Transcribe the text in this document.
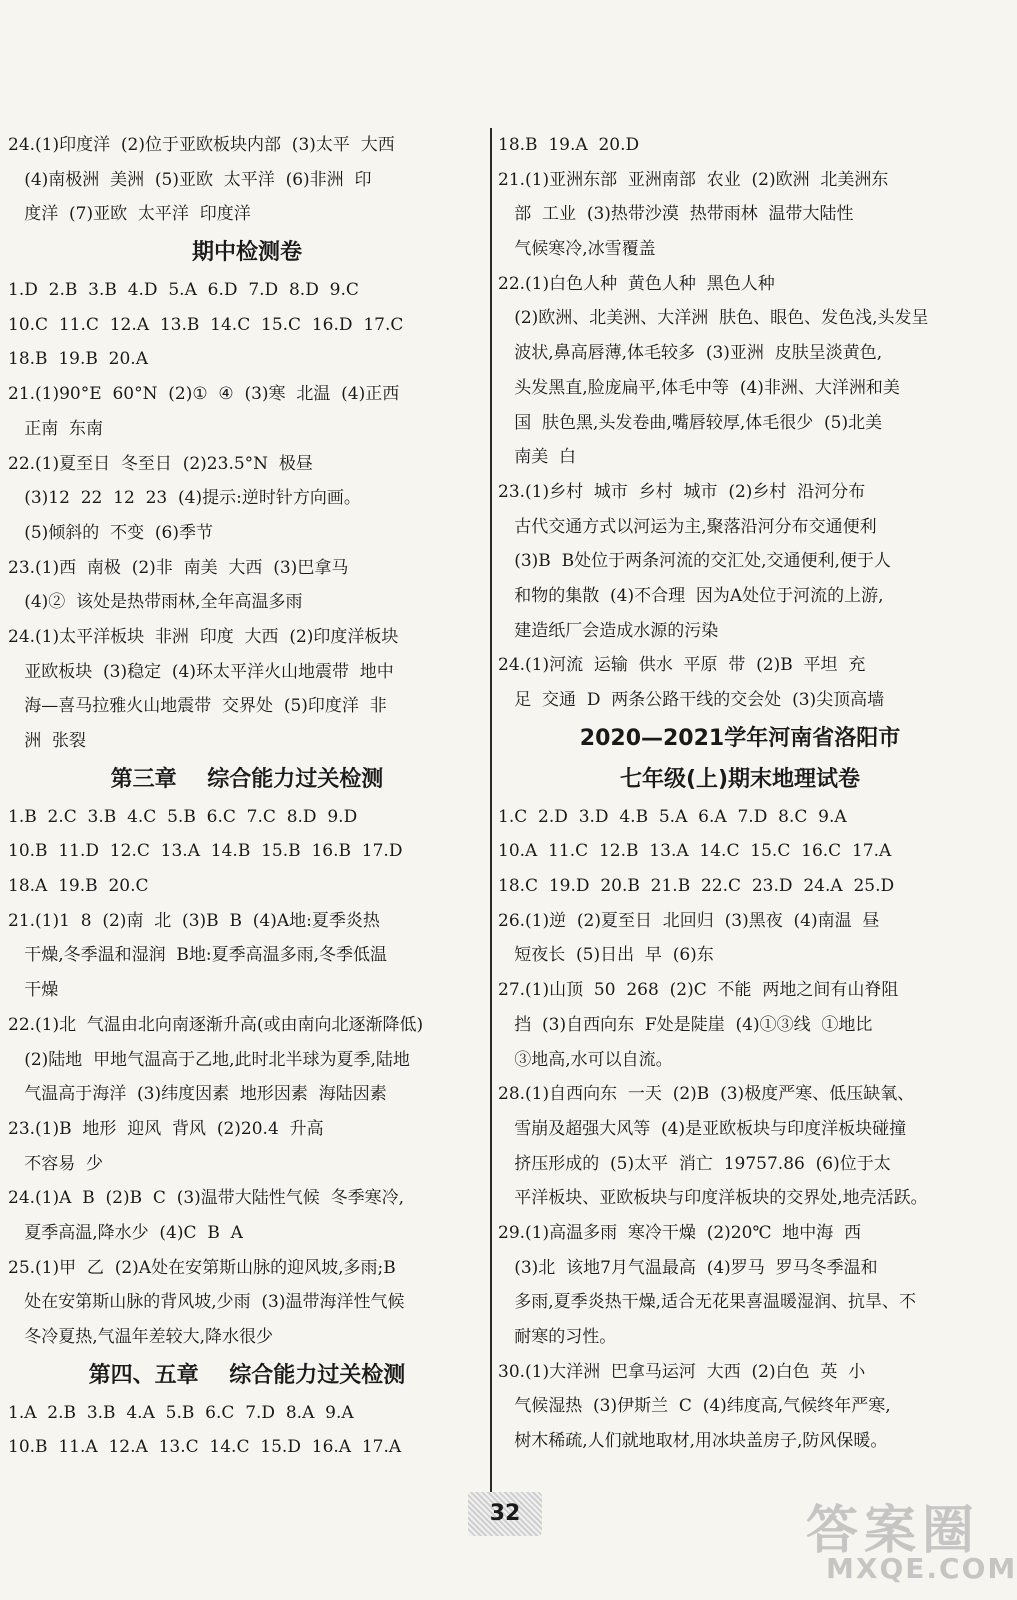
24.(1)印度洋  (2)位于亚欧板块内部  (3)太平  大西
(4)南极洲  美洲  (5)亚欧  太平洋  (6)非洲  印
度洋  (7)亚欧  太平洋  印度洋
期中检测卷
1.D  2.B  3.B  4.D  5.A  6.D  7.D  8.D  9.C
10.C  11.C  12.A  13.B  14.C  15.C  16.D  17.C
18.B  19.B  20.A
21.(1)90°E  60°N  (2)①  ④  (3)寒  北温  (4)正西
正南  东南
22.(1)夏至日  冬至日  (2)23.5°N  极昼
(3)12  22  12  23  (4)提示:逆时针方向画。
(5)倾斜的  不变  (6)季节
23.(1)西  南极  (2)非  南美  大西  (3)巴拿马
(4)②  该处是热带雨林,全年高温多雨
24.(1)太平洋板块  非洲  印度  大西  (2)印度洋板块
亚欧板块  (3)稳定  (4)环太平洋火山地震带  地中
海—喜马拉雅火山地震带  交界处  (5)印度洋  非
洲  张裂
第三章    综合能力过关检测
1.B  2.C  3.B  4.C  5.B  6.C  7.C  8.D  9.D
10.B  11.D  12.C  13.A  14.B  15.B  16.B  17.D
18.A  19.B  20.C
21.(1)1  8  (2)南  北  (3)B  B  (4)A地:夏季炎热
干燥,冬季温和湿润  B地:夏季高温多雨,冬季低温
干燥
22.(1)北  气温由北向南逐渐升高(或由南向北逐渐降低)
(2)陆地  甲地气温高于乙地,此时北半球为夏季,陆地
气温高于海洋  (3)纬度因素  地形因素  海陆因素
23.(1)B  地形  迎风  背风  (2)20.4  升高
不容易  少
24.(1)A  B  (2)B  C  (3)温带大陆性气候  冬季寒冷,
夏季高温,降水少  (4)C  B  A
25.(1)甲  乙  (2)A处在安第斯山脉的迎风坡,多雨;B
处在安第斯山脉的背风坡,少雨  (3)温带海洋性气候
冬冷夏热,气温年差较大,降水很少
第四、五章    综合能力过关检测
1.A  2.B  3.B  4.A  5.B  6.C  7.D  8.A  9.A
10.B  11.A  12.A  13.C  14.C  15.D  16.A  17.A
18.B  19.A  20.D
21.(1)亚洲东部  亚洲南部  农业  (2)欧洲  北美洲东
部  工业  (3)热带沙漠  热带雨林  温带大陆性
气候寒冷,冰雪覆盖
22.(1)白色人种  黄色人种  黑色人种
(2)欧洲、北美洲、大洋洲  肤色、眼色、发色浅,头发呈
波状,鼻高唇薄,体毛较多  (3)亚洲  皮肤呈淡黄色,
头发黑直,脸庞扁平,体毛中等  (4)非洲、大洋洲和美
国  肤色黑,头发卷曲,嘴唇较厚,体毛很少  (5)北美
南美  白
23.(1)乡村  城市  乡村  城市  (2)乡村  沿河分布
古代交通方式以河运为主,聚落沿河分布交通便利
(3)B  B处位于两条河流的交汇处,交通便利,便于人
和物的集散  (4)不合理  因为A处位于河流的上游,
建造纸厂会造成水源的污染
24.(1)河流  运输  供水  平原  带  (2)B  平坦  充
足  交通  D  两条公路干线的交会处  (3)尖顶高墙
2020—2021学年河南省洛阳市
七年级(上)期末地理试卷
1.C  2.D  3.D  4.B  5.A  6.A  7.D  8.C  9.A
10.A  11.C  12.B  13.A  14.C  15.C  16.C  17.A
18.C  19.D  20.B  21.B  22.C  23.D  24.A  25.D
26.(1)逆  (2)夏至日  北回归  (3)黑夜  (4)南温  昼
短夜长  (5)日出  早  (6)东
27.(1)山顶  50  268  (2)C  不能  两地之间有山脊阻
挡  (3)自西向东  F处是陡崖  (4)①③线  ①地比
③地高,水可以自流。
28.(1)自西向东  一天  (2)B  (3)极度严寒、低压缺氧、
雪崩及超强大风等  (4)是亚欧板块与印度洋板块碰撞
挤压形成的  (5)太平  消亡  19757.86  (6)位于太
平洋板块、亚欧板块与印度洋板块的交界处,地壳活跃。
29.(1)高温多雨  寒冷干燥  (2)20℃  地中海  西
(3)北  该地7月气温最高  (4)罗马  罗马冬季温和
多雨,夏季炎热干燥,适合无花果喜温暖湿润、抗旱、不
耐寒的习性。
30.(1)大洋洲  巴拿马运河  大西  (2)白色  英  小
气候湿热  (3)伊斯兰  C  (4)纬度高,气候终年严寒,
树木稀疏,人们就地取材,用冰块盖房子,防风保暖。
32	答案圈
MXQE.COM
